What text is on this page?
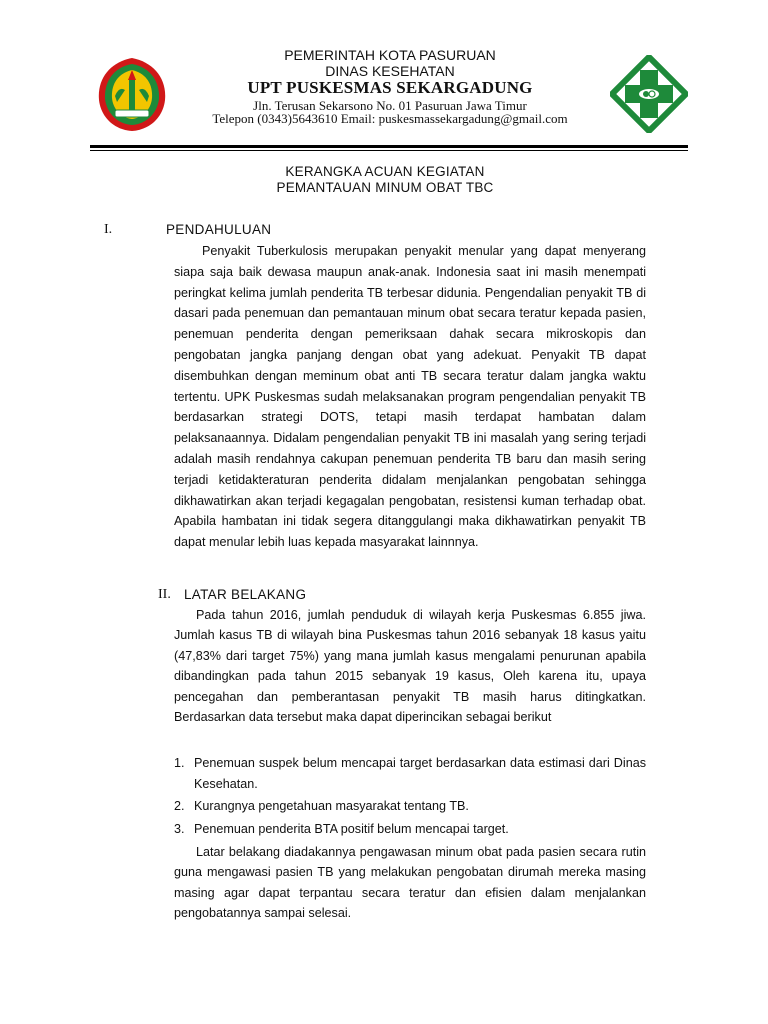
PEMERINTAH KOTA PASURUAN
DINAS KESEHATAN
UPT PUSKESMAS SEKARGADUNG
Jln. Terusan Sekarsono No. 01 Pasuruan Jawa Timur
Telepon (0343)5643610 Email: puskesmassekargadung@gmail.com
KERANGKA ACUAN KEGIATAN
PEMANTAUAN MINUM OBAT TBC
I.	PENDAHULUAN

Penyakit Tuberkulosis merupakan penyakit menular yang dapat menyerang siapa saja baik dewasa maupun anak-anak. Indonesia saat ini masih menempati peringkat kelima jumlah penderita TB terbesar didunia. Pengendalian penyakit TB di dasari pada penemuan dan pemantauan minum obat secara teratur kepada pasien, penemuan penderita dengan pemeriksaan dahak secara mikroskopis dan pengobatan jangka panjang dengan obat yang adekuat. Penyakit TB dapat disembuhkan dengan meminum obat anti TB secara teratur dalam jangka waktu tertentu. UPK Puskesmas sudah melaksanakan program pengendalian penyakit TB berdasarkan strategi DOTS, tetapi masih terdapat hambatan dalam pelaksanaannya. Didalam pengendalian penyakit TB ini masalah yang sering terjadi adalah masih rendahnya cakupan penemuan penderita TB baru dan masih sering terjadi ketidakteraturan penderita didalam menjalankan pengobatan sehingga dikhawatirkan akan terjadi kegagalan pengobatan, resistensi kuman terhadap obat. Apabila hambatan ini tidak segera ditanggulangi maka dikhawatirkan penyakit TB dapat menular lebih luas kepada masyarakat lainnnya.

II. LATAR BELAKANG

Pada tahun 2016, jumlah penduduk di wilayah kerja Puskesmas 6.855 jiwa. Jumlah kasus TB di wilayah bina Puskesmas tahun 2016 sebanyak 18 kasus yaitu (47,83% dari target 75%) yang mana jumlah kasus mengalami penurunan apabila dibandingkan pada tahun 2015 sebanyak 19 kasus, Oleh karena itu, upaya pencegahan dan pemberantasan penyakit TB masih harus ditingkatkan. Berdasarkan data tersebut maka dapat diperincikan sebagai berikut

1. Penemuan suspek belum mencapai target berdasarkan data estimasi dari Dinas Kesehatan.
2. Kurangnya pengetahuan masyarakat tentang TB.
3. Penemuan penderita BTA positif belum mencapai target.

Latar belakang diadakannya pengawasan minum obat pada pasien secara rutin guna mengawasi pasien TB yang melakukan pengobatan dirumah mereka masing masing agar dapat terpantau secara teratur dan efisien dalam menjalankan pengobatannya sampai selesai.
